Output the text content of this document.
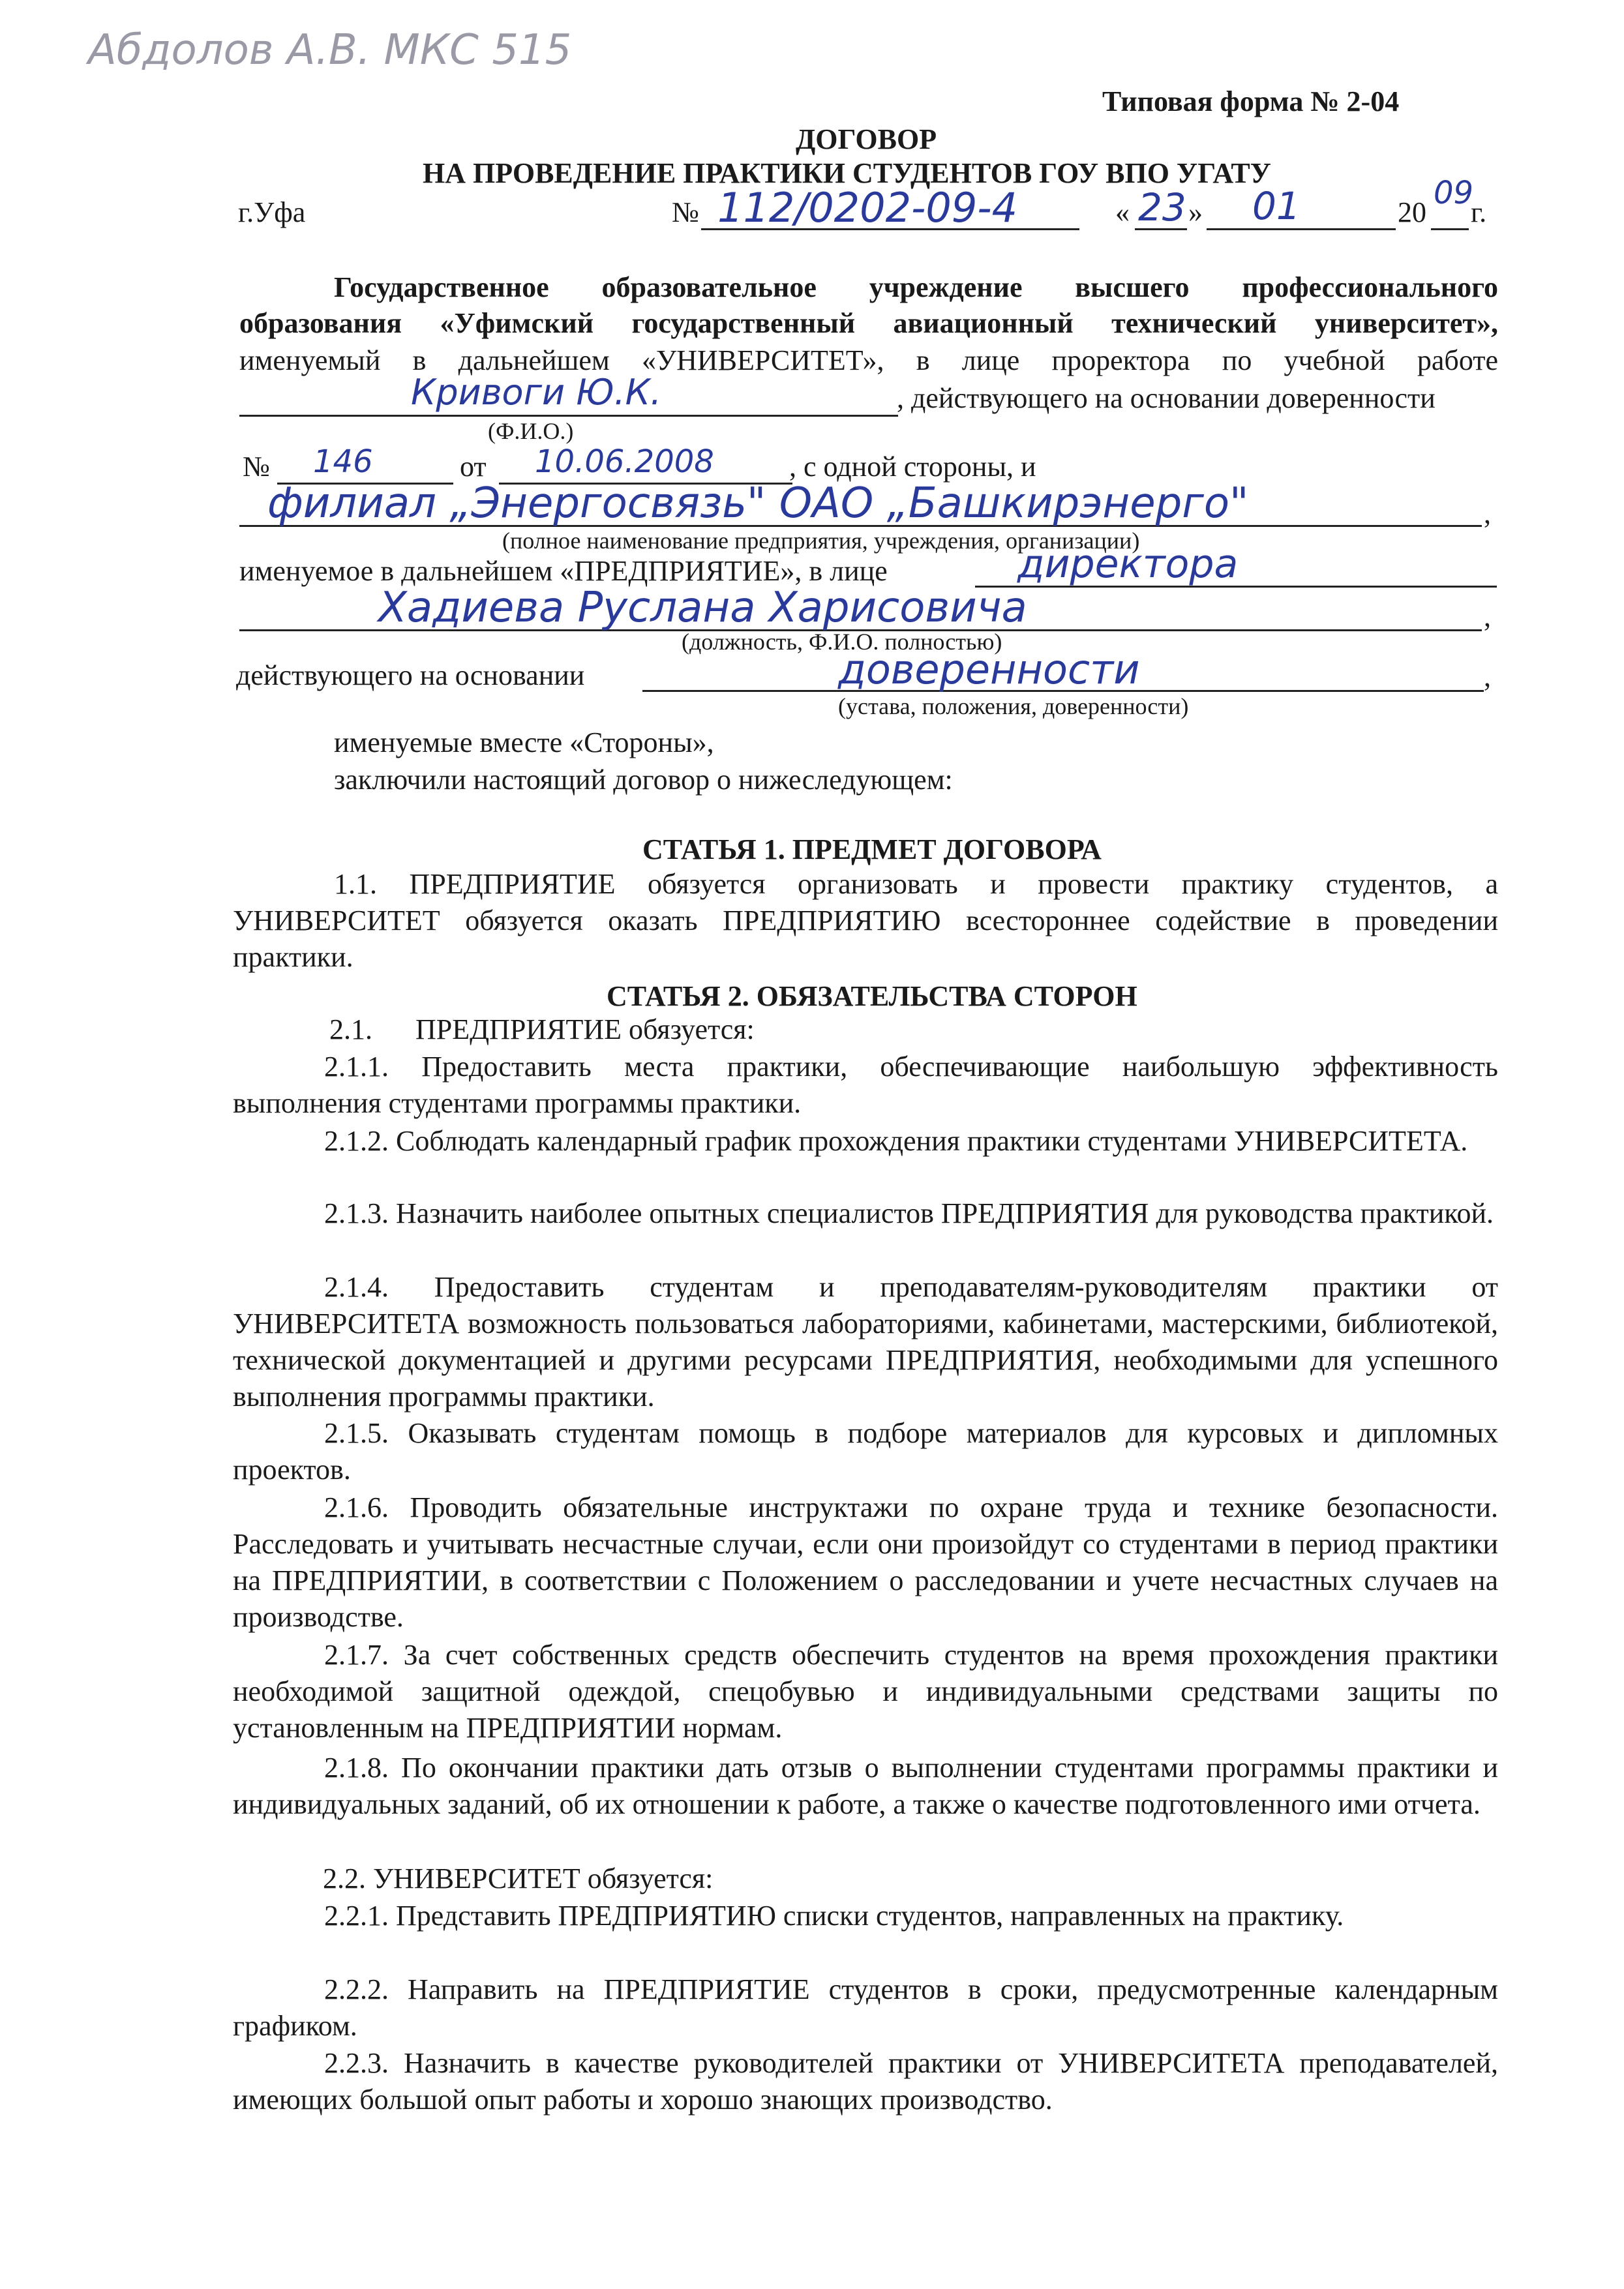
Абдолов А.В. МКС 515
Типовая форма № 2-04
ДОГОВОР
НА ПРОВЕДЕНИЕ ПРАКТИКИ СТУДЕНТОВ ГОУ ВПО УГАТУ
г.Уфа	№ 112/0202-09-4	« 23 » 01	20
09
г.
Государственное образовательное учреждение высшего профессионального
образования «Уфимский государственный авиационный технический университет»,
именуемый в дальнейшем «УНИВЕРСИТЕТ», в лице проректора по учебной работе
Кривоги Ю.К.	, действующего на основании доверенности
(Ф.И.О.)
№ 146	от 10.06.2008	, с одной стороны, и
филиал „Энергосвязь" ОАО „Башкирэнерго"	,
(полное наименование предприятия, учреждения, организации)
именуемое в дальнейшем «ПРЕДПРИЯТИЕ», в лице	директора
Хадиева Руслана Харисовича	,
(должность, Ф.И.О. полностью)
действующего на основании	доверенности	,
(устава, положения, доверенности)
именуемые вместе «Стороны»,
заключили настоящий договор о нижеследующем:
СТАТЬЯ 1. ПРЕДМЕТ ДОГОВОРА
1.1. ПРЕДПРИЯТИЕ обязуется организовать и провести практику студентов, а УНИВЕРСИТЕТ обязуется оказать ПРЕДПРИЯТИЮ всестороннее содействие в проведении практики.
СТАТЬЯ 2. ОБЯЗАТЕЛЬСТВА СТОРОН
2.1.      ПРЕДПРИЯТИЕ обязуется:
2.1.1. Предоставить места практики, обеспечивающие наибольшую эффективность выполнения студентами программы практики.
2.1.2. Соблюдать календарный график прохождения практики студентами УНИВЕРСИТЕТА.
2.1.3. Назначить наиболее опытных специалистов ПРЕДПРИЯТИЯ для руководства практикой.
2.1.4. Предоставить студентам и преподавателям-руководителям практики от УНИВЕРСИТЕТА возможность пользоваться лабораториями, кабинетами, мастерскими, библиотекой, технической документацией и другими ресурсами ПРЕДПРИЯТИЯ, необходимыми для успешного выполнения программы практики.
2.1.5. Оказывать студентам помощь в подборе материалов для курсовых и дипломных проектов.
2.1.6. Проводить обязательные инструктажи по охране труда и технике безопасности. Расследовать и учитывать несчастные случаи, если они произойдут со студентами в период практики на ПРЕДПРИЯТИИ, в соответствии с Положением о расследовании и учете несчастных случаев на производстве.
2.1.7. За счет собственных средств обеспечить студентов на время прохождения практики необходимой защитной одеждой, спецобувью и индивидуальными средствами защиты по установленным на ПРЕДПРИЯТИИ нормам.
2.1.8. По окончании практики дать отзыв о выполнении студентами программы практики и индивидуальных заданий, об их отношении к работе, а также о качестве подготовленного ими отчета.
2.2. УНИВЕРСИТЕТ обязуется:
2.2.1. Представить ПРЕДПРИЯТИЮ списки студентов, направленных на практику.
2.2.2. Направить на ПРЕДПРИЯТИЕ студентов в сроки, предусмотренные календарным графиком.
2.2.3. Назначить в качестве руководителей практики от УНИВЕРСИТЕТА преподавателей, имеющих большой опыт работы и хорошо знающих производство.
